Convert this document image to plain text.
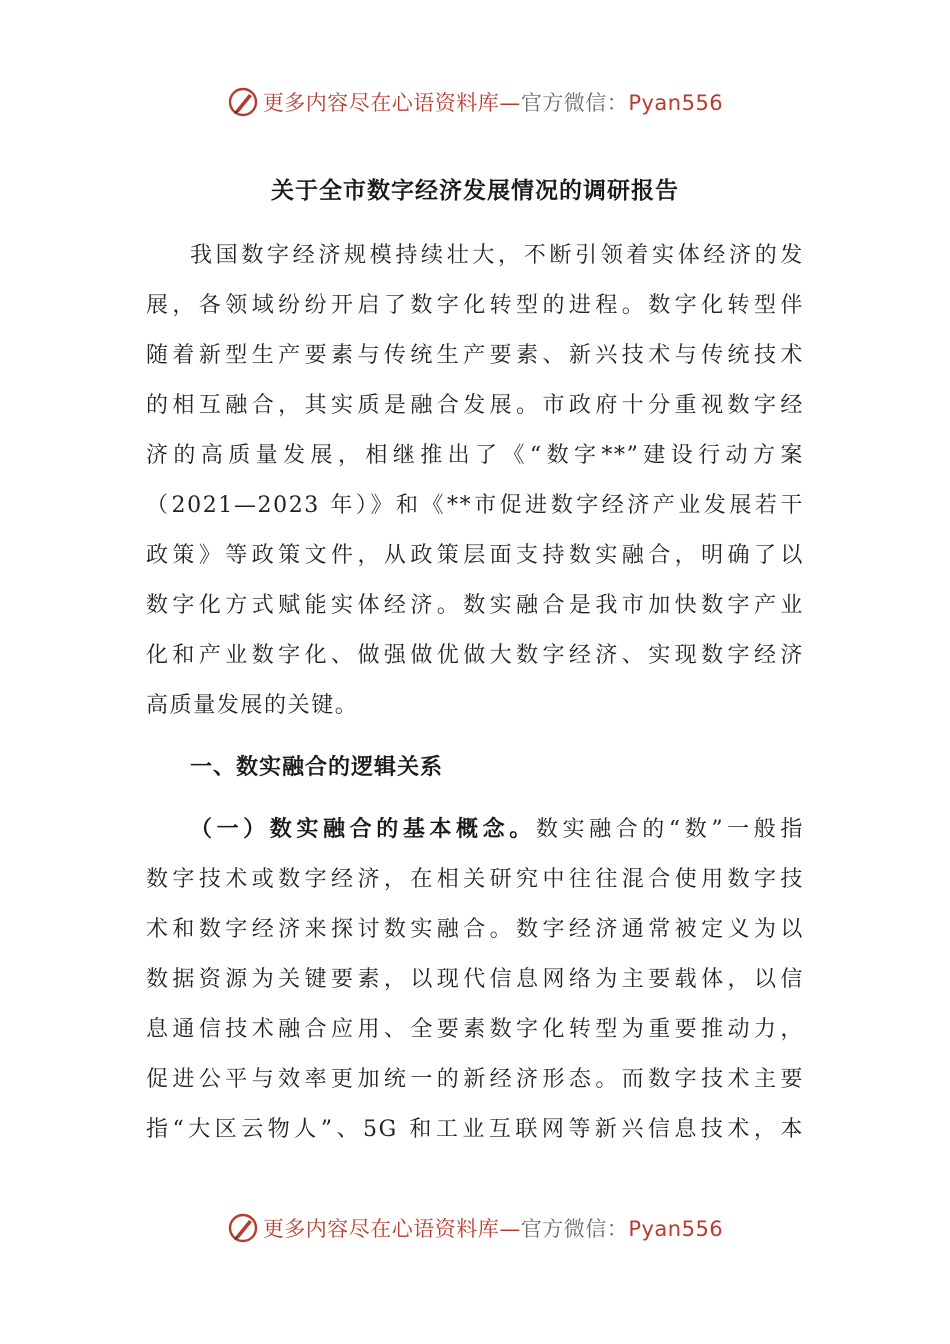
更多内容尽在心语资料库—官方微信：Pyan556
关于全市数字经济发展情况的调研报告
我国数字经济规模持续壮大，不断引领着实体经济的发
展，各领域纷纷开启了数字化转型的进程。数字化转型伴
随着新型生产要素与传统生产要素、新兴技术与传统技术
的相互融合，其实质是融合发展。市政府十分重视数字经
济的高质量发展，相继推出了《“数字**”建设行动方案
（2021—2023 年）》和《**市促进数字经济产业发展若干
政策》等政策文件，从政策层面支持数实融合，明确了以
数字化方式赋能实体经济。数实融合是我市加快数字产业
化和产业数字化、做强做优做大数字经济、实现数字经济
高质量发展的关键。
一、数实融合的逻辑关系
（一）数实融合的基本概念。数实融合的“数”一般指
数字技术或数字经济，在相关研究中往往混合使用数字技
术和数字经济来探讨数实融合。数字经济通常被定义为以
数据资源为关键要素，以现代信息网络为主要载体，以信
息通信技术融合应用、全要素数字化转型为重要推动力，
促进公平与效率更加统一的新经济形态。而数字技术主要
指“大区云物人”、5G 和工业互联网等新兴信息技术，本
更多内容尽在心语资料库—官方微信：Pyan556
